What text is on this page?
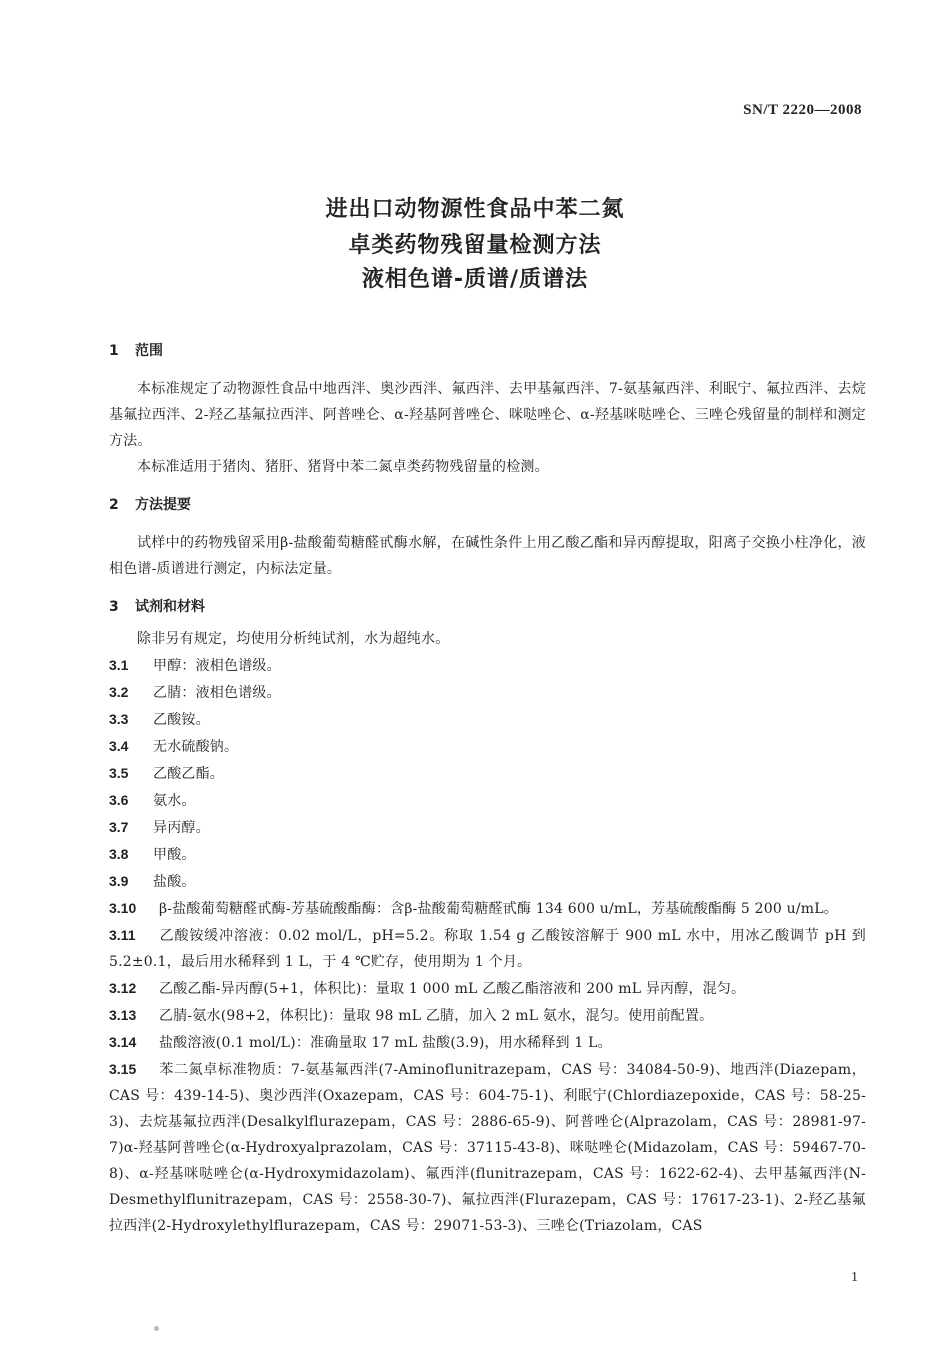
SN/T 2220—2008
进出口动物源性食品中苯二氮
卓类药物残留量检测方法
液相色谱-质谱/质谱法
1 范围

本标准规定了动物源性食品中地西泮、奥沙西泮、氟西泮、去甲基氟西泮、7-氨基氟西泮、利眠宁、氟拉西泮、去烷基氟拉西泮、2-羟乙基氟拉西泮、阿普唑仑、α-羟基阿普唑仑、咪哒唑仑、α-羟基咪哒唑仑、三唑仑残留量的制样和测定方法。

本标准适用于猪肉、猪肝、猪肾中苯二氮卓类药物残留量的检测。

2 方法提要

试样中的药物残留采用β-盐酸葡萄糖醛甙酶水解，在碱性条件上用乙酸乙酯和异丙醇提取，阳离子交换小柱净化，液相色谱-质谱进行测定，内标法定量。

3 试剂和材料

除非另有规定，均使用分析纯试剂，水为超纯水。

3.1 甲醇：液相色谱级。

3.2 乙腈：液相色谱级。

3.3 乙酸铵。

3.4 无水硫酸钠。

3.5 乙酸乙酯。

3.6 氨水。

3.7 异丙醇。

3.8 甲酸。

3.9 盐酸。

3.10 β-盐酸葡萄糖醛甙酶-芳基硫酸酯酶：含β-盐酸葡萄糖醛甙酶 134 600 u/mL，芳基硫酸酯酶 5 200 u/mL。

3.11 乙酸铵缓冲溶液：0.02 mol/L，pH=5.2。称取 1.54 g 乙酸铵溶解于 900 mL 水中，用冰乙酸调节 pH 到 5.2±0.1，最后用水稀释到 1 L，于 4 ℃贮存，使用期为 1 个月。

3.12 乙酸乙酯-异丙醇(5+1，体积比)：量取 1 000 mL 乙酸乙酯溶液和 200 mL 异丙醇，混匀。

3.13 乙腈-氨水(98+2，体积比)：量取 98 mL 乙腈，加入 2 mL 氨水，混匀。使用前配置。

3.14 盐酸溶液(0.1 mol/L)：准确量取 17 mL 盐酸(3.9)，用水稀释到 1 L。

3.15 苯二氮卓标准物质：7-氨基氟西泮(7-Aminoflunitrazepam，CAS 号：34084-50-9)、地西泮(Diazepam，CAS 号：439-14-5)、奥沙西泮(Oxazepam，CAS 号：604-75-1)、利眠宁(Chlordiazepoxide，CAS 号：58-25-3)、去烷基氟拉西泮(Desalkylflurazepam，CAS 号：2886-65-9)、阿普唑仑(Alprazolam，CAS 号：28981-97-7)α-羟基阿普唑仑(α-Hydroxyalprazolam，CAS 号：37115-43-8)、咪哒唑仑(Midazolam，CAS 号：59467-70-8)、α-羟基咪哒唑仑(α-Hydroxymidazolam)、氟西泮(flunitrazepam，CAS 号：1622-62-4)、去甲基氟西泮(N-Desmethylflunitrazepam，CAS 号：2558-30-7)、氟拉西泮(Flurazepam，CAS 号：17617-23-1)、2-羟乙基氟拉西泮(2-Hydroxylethylflurazepam，CAS 号：29071-53-3)、三唑仑(Triazolam，CAS

1
